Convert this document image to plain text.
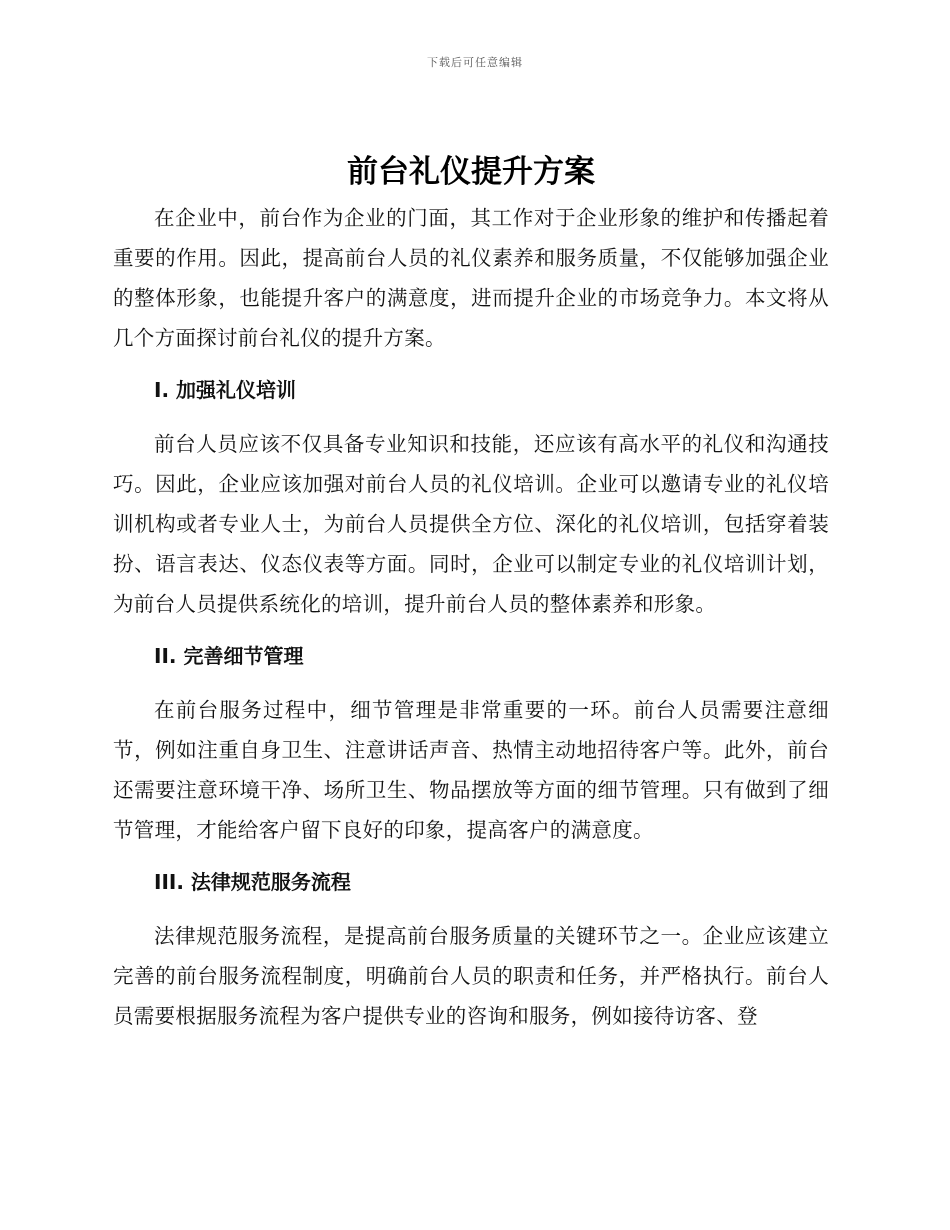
下载后可任意编辑
前台礼仪提升方案

在企业中，前台作为企业的门面，其工作对于企业形象的维护和传播起着重要的作用。因此，提高前台人员的礼仪素养和服务质量，不仅能够加强企业的整体形象，也能提升客户的满意度，进而提升企业的市场竞争力。本文将从几个方面探讨前台礼仪的提升方案。

I. 加强礼仪培训

前台人员应该不仅具备专业知识和技能，还应该有高水平的礼仪和沟通技巧。因此，企业应该加强对前台人员的礼仪培训。企业可以邀请专业的礼仪培训机构或者专业人士，为前台人员提供全方位、深化的礼仪培训，包括穿着装扮、语言表达、仪态仪表等方面。同时，企业可以制定专业的礼仪培训计划，为前台人员提供系统化的培训，提升前台人员的整体素养和形象。

II. 完善细节管理

在前台服务过程中，细节管理是非常重要的一环。前台人员需要注意细节，例如注重自身卫生、注意讲话声音、热情主动地招待客户等。此外，前台还需要注意环境干净、场所卫生、物品摆放等方面的细节管理。只有做到了细节管理，才能给客户留下良好的印象，提高客户的满意度。

III. 法律规范服务流程

法律规范服务流程，是提高前台服务质量的关键环节之一。企业应该建立完善的前台服务流程制度，明确前台人员的职责和任务，并严格执行。前台人员需要根据服务流程为客户提供专业的咨询和服务，例如接待访客、登
